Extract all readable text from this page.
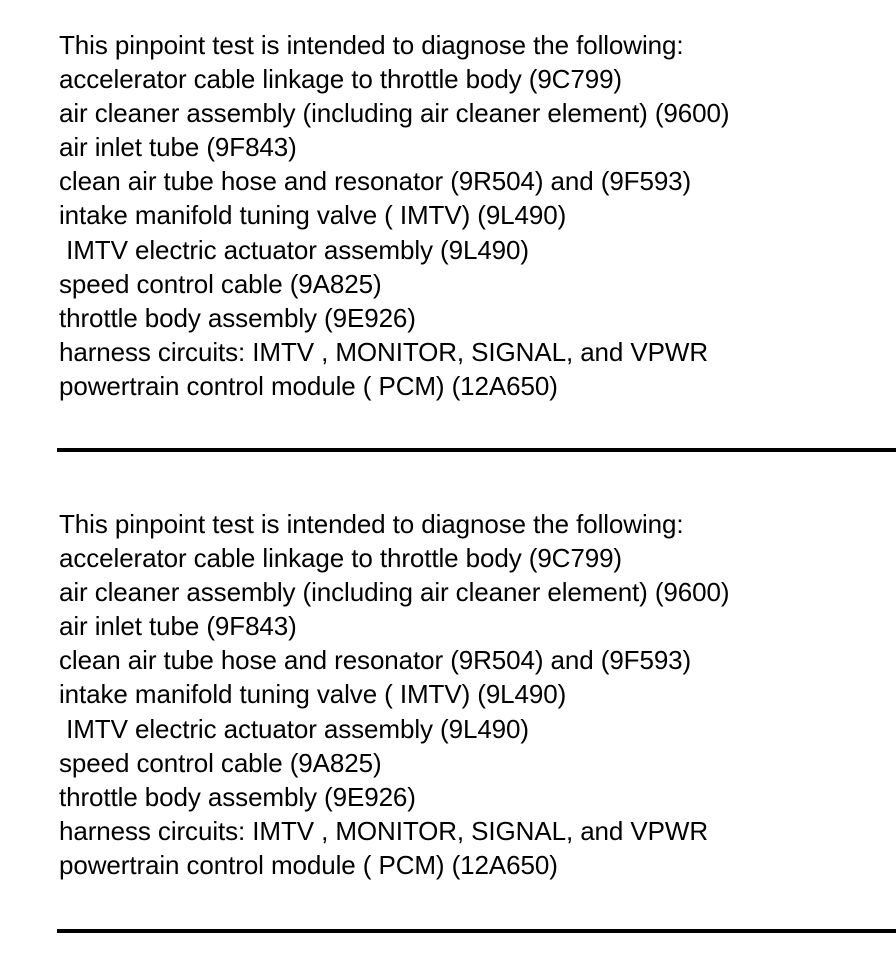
This pinpoint test is intended to diagnose the following:
accelerator cable linkage to throttle body (9C799)
air cleaner assembly (including air cleaner element) (9600)
air inlet tube (9F843)
clean air tube hose and resonator (9R504) and (9F593)
intake manifold tuning valve ( IMTV) (9L490)
IMTV electric actuator assembly (9L490)
speed control cable (9A825)
throttle body assembly (9E926)
harness circuits: IMTV , MONITOR, SIGNAL, and VPWR
powertrain control module ( PCM) (12A650)
This pinpoint test is intended to diagnose the following:
accelerator cable linkage to throttle body (9C799)
air cleaner assembly (including air cleaner element) (9600)
air inlet tube (9F843)
clean air tube hose and resonator (9R504) and (9F593)
intake manifold tuning valve ( IMTV) (9L490)
IMTV electric actuator assembly (9L490)
speed control cable (9A825)
throttle body assembly (9E926)
harness circuits: IMTV , MONITOR, SIGNAL, and VPWR
powertrain control module ( PCM) (12A650)
